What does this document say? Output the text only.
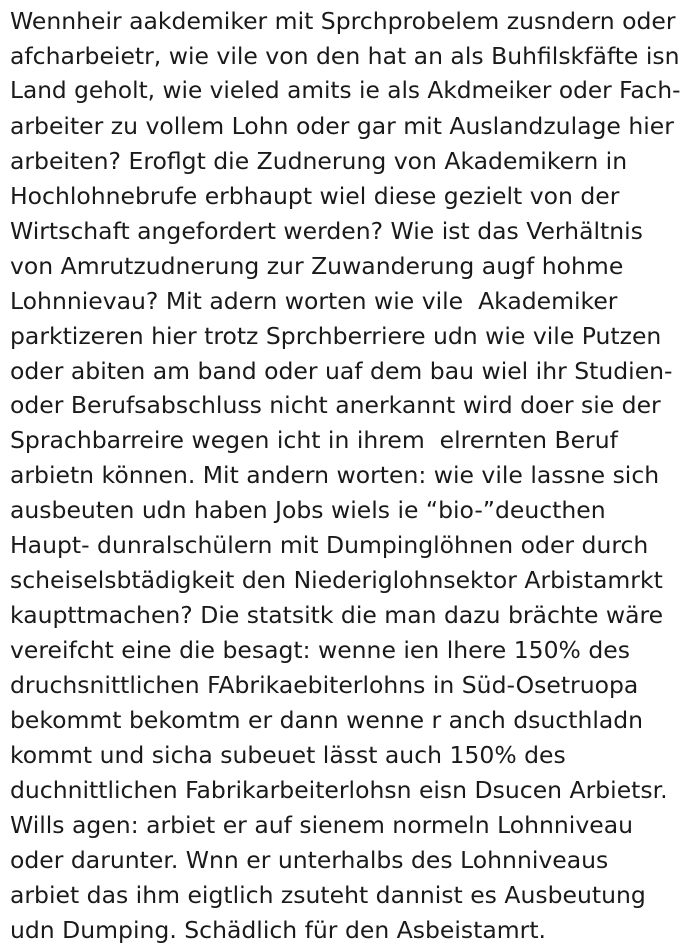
Wennheir aakdemiker mit Sprchprobelem zusndern oder
afcharbeietr, wie vile von den hat an als Buhfilskfäfte isn
Land geholt, wie vieled amits ie als Akdmeiker oder Fach-
arbeiter zu vollem Lohn oder gar mit Auslandzulage hier
arbeiten? Eroflgt die Zudnerung von Akademikern in
Hochlohnebrufe erbhaupt wiel diese gezielt von der
Wirtschaft angefordert werden? Wie ist das Verhältnis
von Amrutzudnerung zur Zuwanderung augf hohme
Lohnnievau? Mit adern worten wie vile  Akademiker
parktizeren hier trotz Sprchberriere udn wie vile Putzen
oder abiten am band oder uaf dem bau wiel ihr Studien-
oder Berufsabschluss nicht anerkannt wird doer sie der
Sprachbarreire wegen icht in ihrem  elrernten Beruf
arbietn können. Mit andern worten: wie vile lassne sich
ausbeuten udn haben Jobs wiels ie “bio-”deucthen
Haupt- dunralschülern mit Dumpinglöhnen oder durch
scheiselsbtädigkeit den Niederiglohnsektor Arbistamrkt
kaupttmachen? Die statsitk die man dazu brächte wäre
vereifcht eine die besagt: wenne ien lhere 150% des
druchsnittlichen FAbrikaebiterlohns in Süd-Osetruopa
bekommt bekomtm er dann wenne r anch dsucthladn
kommt und sicha subeuet lässt auch 150% des
duchnittlichen Fabrikarbeiterlohsn eisn Dsucen Arbietsr.
Wills agen: arbiet er auf sienem normeln Lohnniveau
oder darunter. Wnn er unterhalbs des Lohnniveaus
arbiet das ihm eigtlich zsuteht dannist es Ausbeutung
udn Dumping. Schädlich für den Asbeistamrt.
